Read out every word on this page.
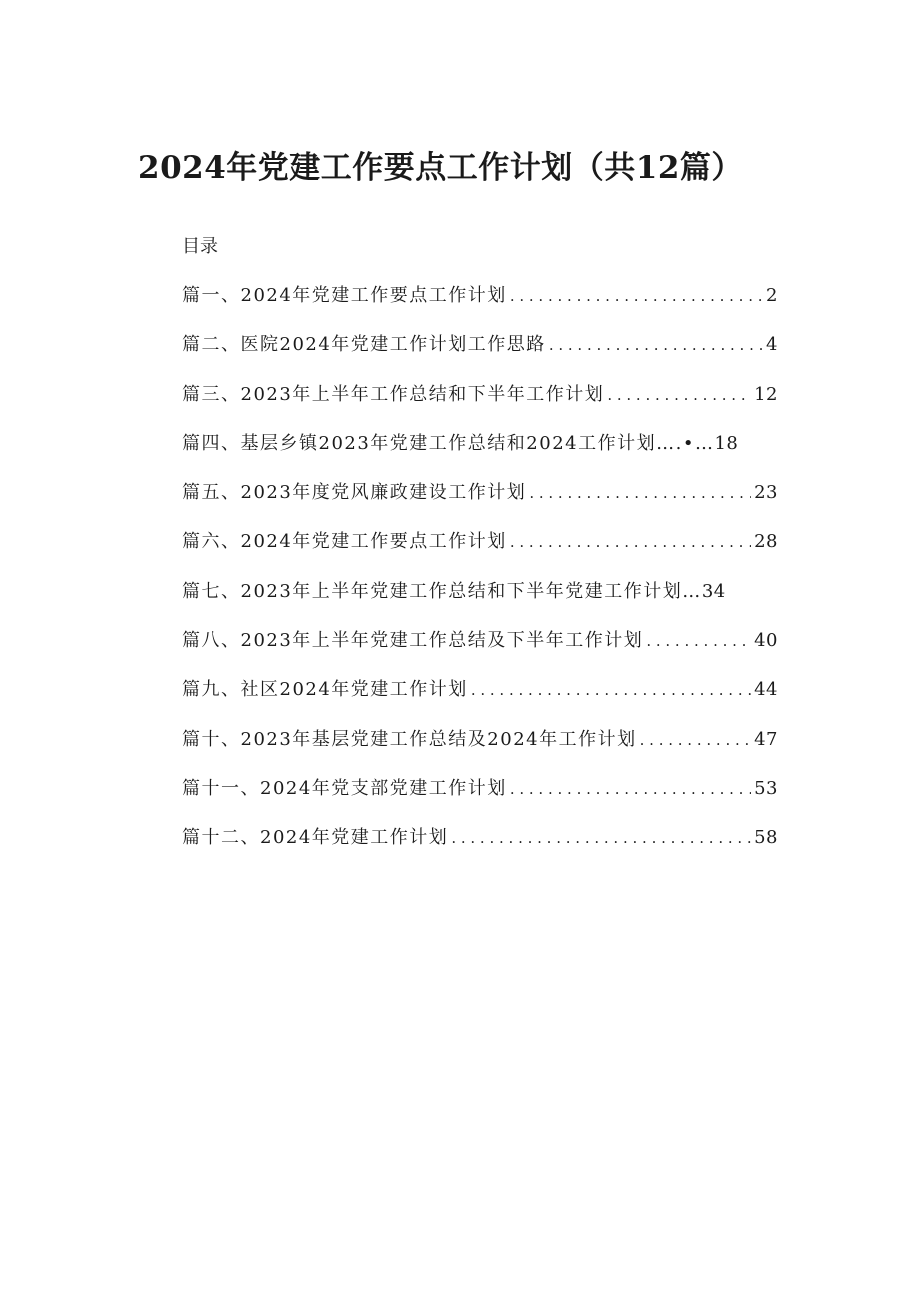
2024年党建工作要点工作计划（共12篇）
目录
篇一、2024年党建工作要点工作计划 . . .	2
篇二、医院2024年党建工作计划工作思路 . . .	4
篇三、2023年上半年工作总结和下半年工作计划 . . .	12
篇四、基层乡镇2023年党建工作总结和2024工作计划….•… 18
篇五、2023年度党风廉政建设工作计划 . . .	23
篇六、2024年党建工作要点工作计划 . . .	28
篇七、2023年上半年党建工作总结和下半年党建工作计划… 34
篇八、2023年上半年党建工作总结及下半年工作计划 . . .	40
篇九、社区2024年党建工作计划 . . .	44
篇十、2023年基层党建工作总结及2024年工作计划 . . .	47
篇十一、2024年党支部党建工作计划 . . .	53
篇十二、2024年党建工作计划 . . .	58
